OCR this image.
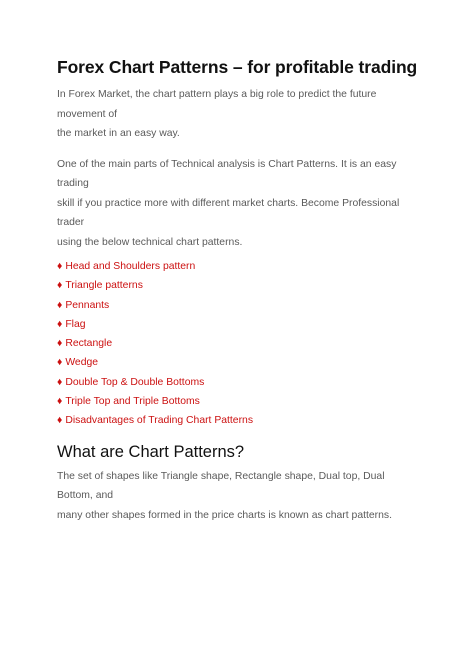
Forex Chart Patterns – for profitable trading

In Forex Market, the chart pattern plays a big role to predict the future movement of
the market in an easy way.

One of the main parts of Technical analysis is Chart Patterns. It is an easy trading
skill if you practice more with different market charts. Become Professional trader
using the below technical chart patterns.

♦ Head and Shoulders pattern
♦ Triangle patterns
♦ Pennants
♦ Flag
♦ Rectangle
♦ Wedge
♦ Double Top & Double Bottoms
♦ Triple Top and Triple Bottoms
♦ Disadvantages of Trading Chart Patterns
What are Chart Patterns?

The set of shapes like Triangle shape, Rectangle shape, Dual top, Dual Bottom, and
many other shapes formed in the price charts is known as chart patterns.
